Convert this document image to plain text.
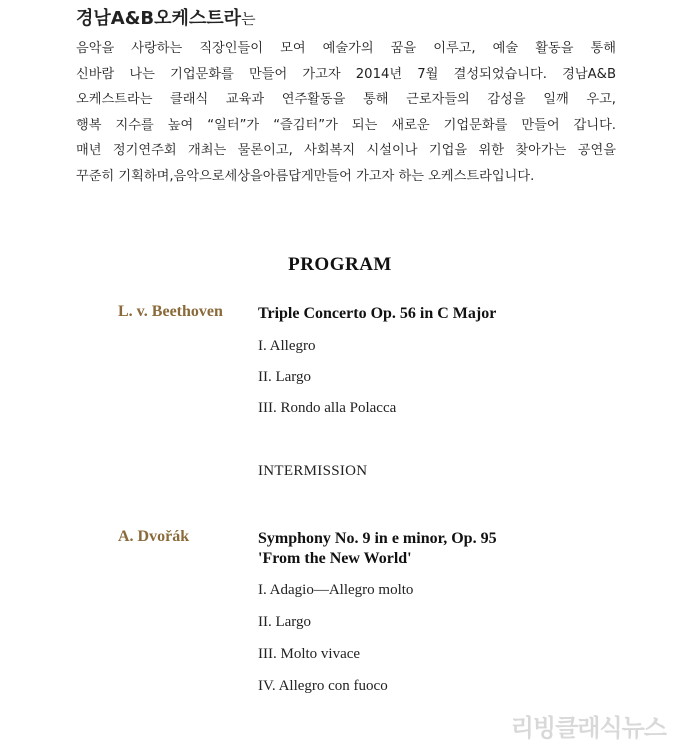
경남A&B오케스트라는
음악을 사랑하는 직장인들이 모여 예술가의 꿈을 이루고, 예술 활동을 통해
신바람 나는 기업문화를 만들어 가고자 2014년 7월 결성되었습니다. 경남A&B
오케스트라는 클래식 교육과 연주활동을 통해 근로자들의 감성을 일깨 우고,
행복 지수를 높여 “일터”가 “즐김터”가 되는 새로운 기업문화를 만들어 갑니다.
매년 정기연주회 개최는 물론이고, 사회복지 시설이나 기업을 위한 찾아가는 공연을
꾸준히 기획하며,음악으로세상을아름답게만들어 가고자 하는 오케스트라입니다.
PROGRAM
L. v. Beethoven Triple Concerto Op. 56 in C Major
I. Allegro
II. Largo
III. Rondo alla Polacca
INTERMISSION
A. Dvořák	Symphony No. 9 in e minor, Op. 95
'From the New World'
I. Adagio—Allegro molto
II. Largo
III. Molto vivace
IV. Allegro con fuoco
리빙클래식뉴스
